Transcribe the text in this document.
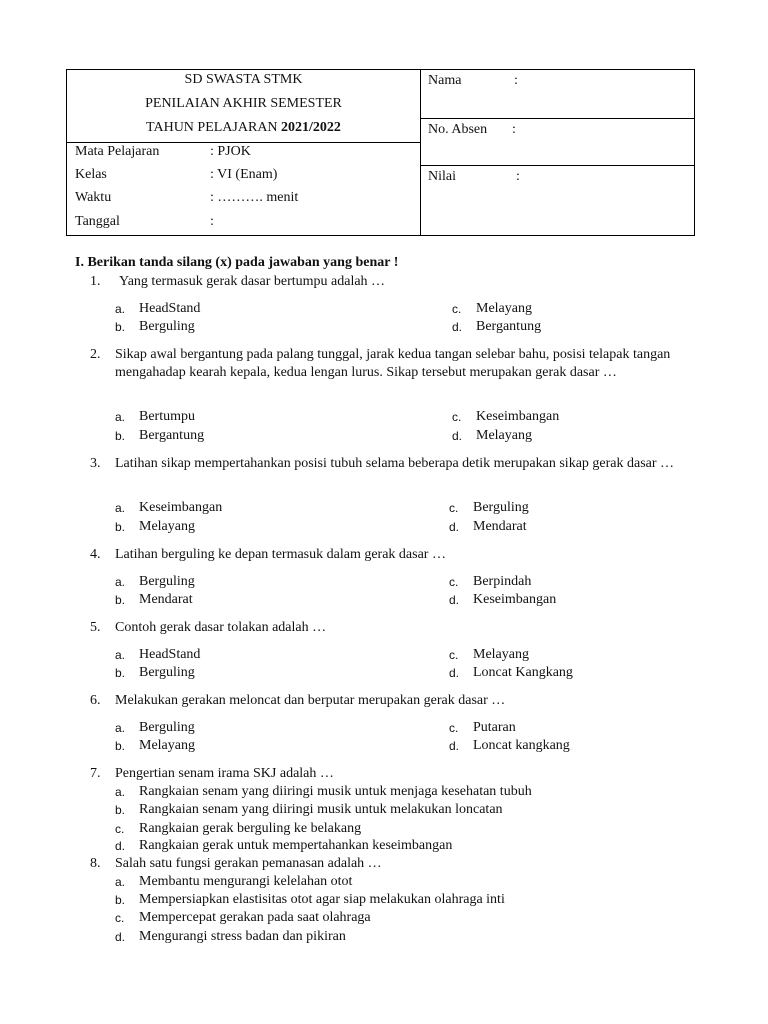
SD SWASTA STMK
PENILAIAN AKHIR SEMESTER
TAHUN PELAJARAN 2021/2022
Mata Pelajaran	: PJOK
Kelas	: VI (Enam)
Waktu	: ………. menit
Tanggal	:
Nama	:
No. Absen :
Nilai	:
I. Berikan tanda silang (x) pada jawaban yang benar !
1. Yang termasuk gerak dasar bertumpu adalah …
a. HeadStand
b. Berguling
c. Melayang
d. Bergantung
2. Sikap awal bergantung pada palang tunggal, jarak kedua tangan selebar bahu, posisi telapak tangan mengahadap kearah kepala, kedua lengan lurus. Sikap tersebut merupakan gerak dasar …
a. Bertumpu
b. Bergantung
c. Keseimbangan
d. Melayang
3. Latihan sikap mempertahankan posisi tubuh selama beberapa detik merupakan sikap gerak dasar …
a. Keseimbangan
b. Melayang
c. Berguling
d. Mendarat
4. Latihan berguling ke depan termasuk dalam gerak dasar …
a. Berguling
b. Mendarat
c. Berpindah
d. Keseimbangan
5. Contoh gerak dasar tolakan adalah …
a. HeadStand
b. Berguling
c. Melayang
d. Loncat Kangkang
6. Melakukan gerakan meloncat dan berputar merupakan gerak dasar …
a. Berguling
b. Melayang
c. Putaran
d. Loncat kangkang
7. Pengertian senam irama SKJ adalah …
a. Rangkaian senam yang diiringi musik untuk menjaga kesehatan tubuh
b. Rangkaian senam yang diiringi musik untuk melakukan loncatan
c. Rangkaian gerak berguling ke belakang
d. Rangkaian gerak untuk mempertahankan keseimbangan
8. Salah satu fungsi gerakan pemanasan adalah …
a. Membantu mengurangi kelelahan otot
b. Mempersiapkan elastisitas otot agar siap melakukan olahraga inti
c. Mempercepat gerakan pada saat olahraga
d. Mengurangi stress badan dan pikiran
